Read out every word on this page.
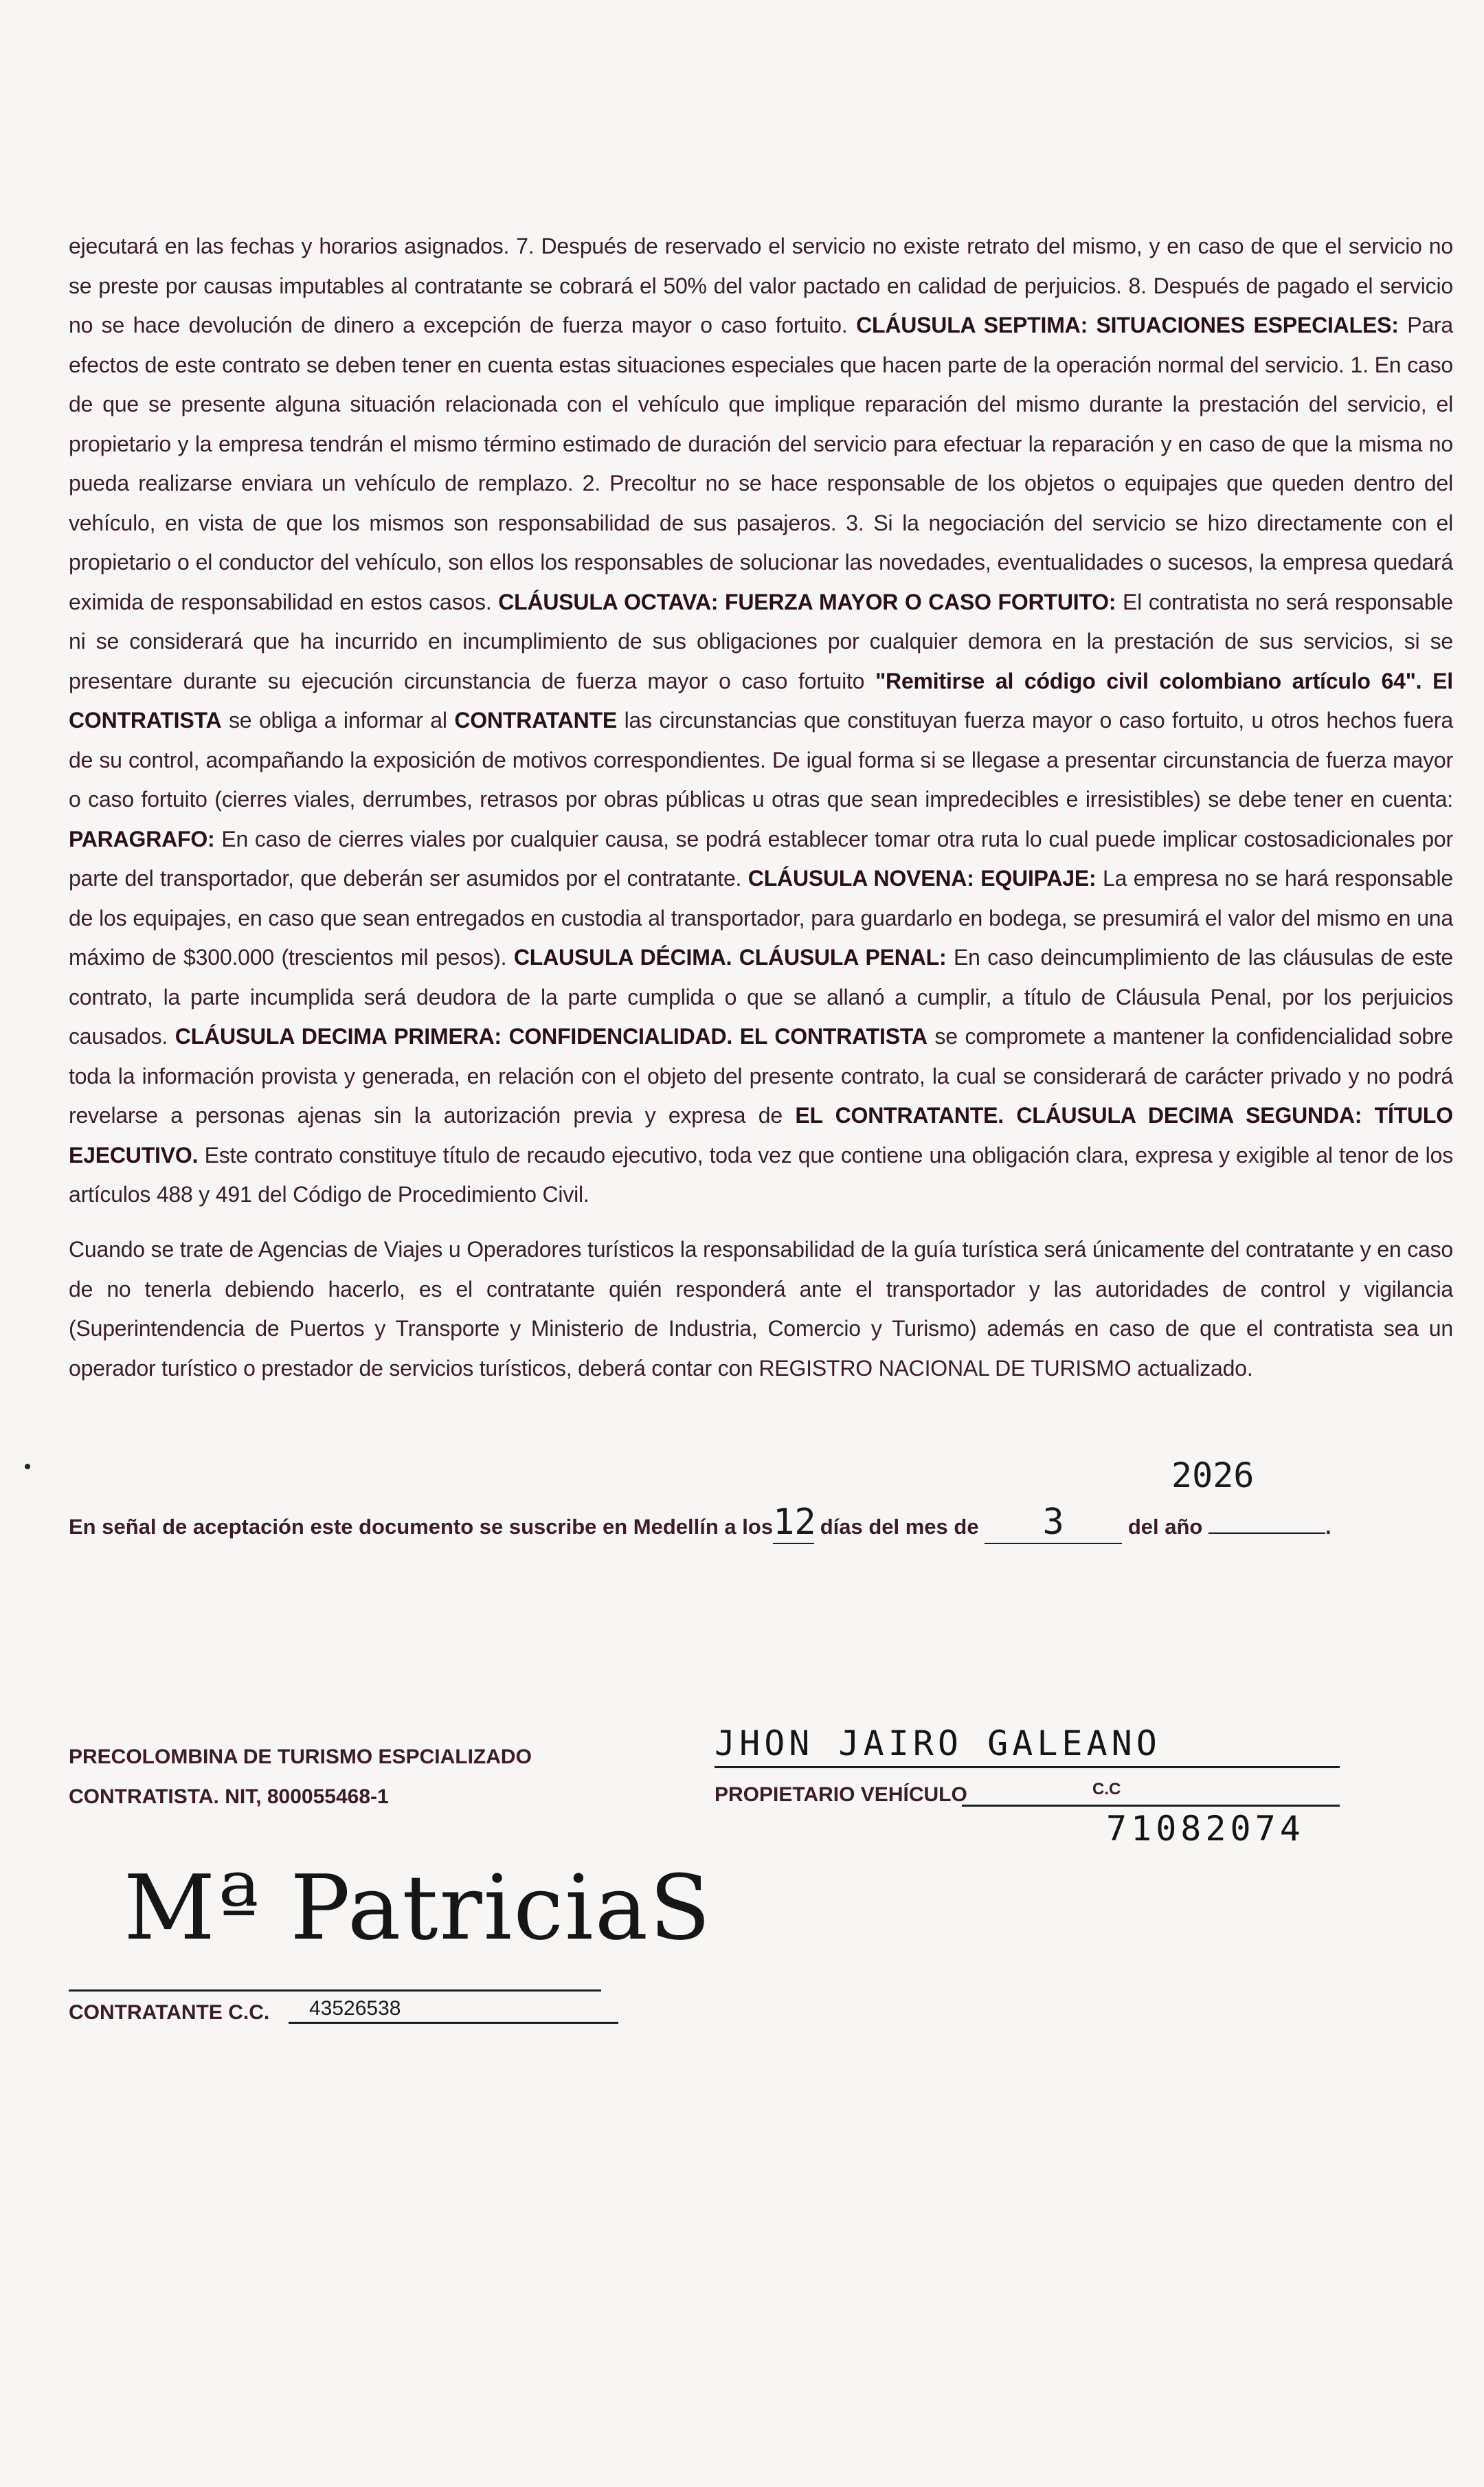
ejecutará en las fechas y horarios asignados. 7. Después de reservado el servicio no existe retrato del mismo, y en caso de que el servicio no se preste por causas imputables al contratante se cobrará el 50% del valor pactado en calidad de perjuicios. 8. Después de pagado el servicio no se hace devolución de dinero a excepción de fuerza mayor o caso fortuito. CLÁUSULA SEPTIMA: SITUACIONES ESPECIALES: Para efectos de este contrato se deben tener en cuenta estas situaciones especiales que hacen parte de la operación normal del servicio. 1. En caso de que se presente alguna situación relacionada con el vehículo que implique reparación del mismo durante la prestación del servicio, el propietario y la empresa tendrán el mismo término estimado de duración del servicio para efectuar la reparación y en caso de que la misma no pueda realizarse enviara un vehículo de remplazo. 2. Precoltur no se hace responsable de los objetos o equipajes que queden dentro del vehículo, en vista de que los mismos son responsabilidad de sus pasajeros. 3. Si la negociación del servicio se hizo directamente con el propietario o el conductor del vehículo, son ellos los responsables de solucionar las novedades, eventualidades o sucesos, la empresa quedará eximida de responsabilidad en estos casos. CLÁUSULA OCTAVA: FUERZA MAYOR O CASO FORTUITO: El contratista no será responsable ni se considerará que ha incurrido en incumplimiento de sus obligaciones por cualquier demora en la prestación de sus servicios, si se presentare durante su ejecución circunstancia de fuerza mayor o caso fortuito "Remitirse al código civil colombiano artículo 64". El CONTRATISTA se obliga a informar al CONTRATANTE las circunstancias que constituyan fuerza mayor o caso fortuito, u otros hechos fuera de su control, acompañando la exposición de motivos correspondientes. De igual forma si se llegase a presentar circunstancia de fuerza mayor o caso fortuito (cierres viales, derrumbes, retrasos por obras públicas u otras que sean impredecibles e irresistibles) se debe tener en cuenta: PARAGRAFO: En caso de cierres viales por cualquier causa, se podrá establecer tomar otra ruta lo cual puede implicar costosadicionales por parte del transportador, que deberán ser asumidos por el contratante. CLÁUSULA NOVENA: EQUIPAJE: La empresa no se hará responsable de los equipajes, en caso que sean entregados en custodia al transportador, para guardarlo en bodega, se presumirá el valor del mismo en una máximo de $300.000 (trescientos mil pesos). CLAUSULA DÉCIMA. CLÁUSULA PENAL: En caso deincumplimiento de las cláusulas de este contrato, la parte incumplida será deudora de la parte cumplida o que se allanó a cumplir, a título de Cláusula Penal, por los perjuicios causados. CLÁUSULA DECIMA PRIMERA: CONFIDENCIALIDAD. EL CONTRATISTA se compromete a mantener la confidencialidad sobre toda la información provista y generada, en relación con el objeto del presente contrato, la cual se considerará de carácter privado y no podrá revelarse a personas ajenas sin la autorización previa y expresa de EL CONTRATANTE. CLÁUSULA DECIMA SEGUNDA: TÍTULO EJECUTIVO. Este contrato constituye título de recaudo ejecutivo, toda vez que contiene una obligación clara, expresa y exigible al tenor de los artículos 488 y 491 del Código de Procedimiento Civil.
Cuando se trate de Agencias de Viajes u Operadores turísticos la responsabilidad de la guía turística será únicamente del contratante y en caso de no tenerla debiendo hacerlo, es el contratante quién responderá ante el transportador y las autoridades de control y vigilancia (Superintendencia de Puertos y Transporte y Ministerio de Industria, Comercio y Turismo) además en caso de que el contratista sea un operador turístico o prestador de servicios turísticos, deberá contar con REGISTRO NACIONAL DE TURISMO actualizado.
2026
En señal de aceptación este documento se suscribe en Medellín a los12 días del mes de 3	del año	.
PRECOLOMBINA DE TURISMO ESPCIALIZADO
CONTRATISTA. NIT, 800055468-1
JHON JAIRO GALEANO
PROPIETARIO VEHÍCULO	C.C
71082074
Mª PatriciaS
CONTRATANTE C.C. 43526538
